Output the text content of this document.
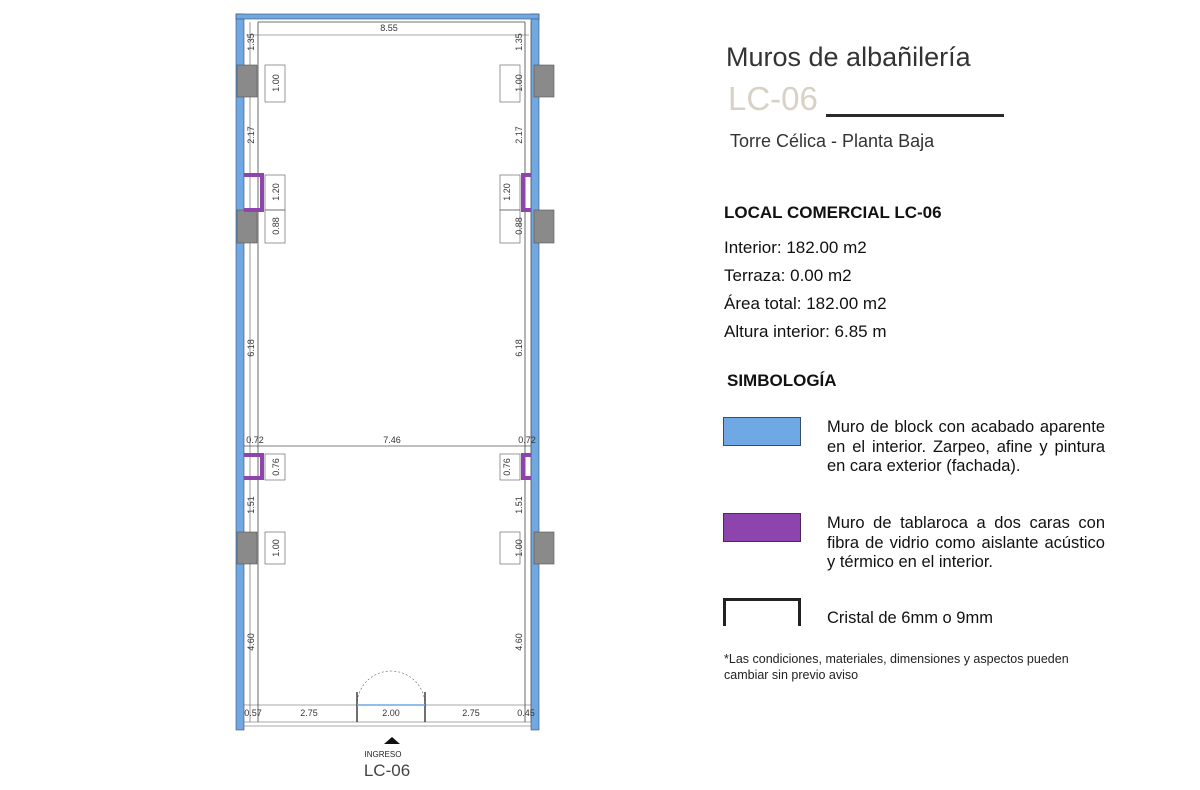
8.55
7.46
0.72	0.72
0.57	2.75	2.00	2.75	0.45
1.35
1.00
2.17
1.20
0.88
6.18
0.76
1.51
1.00
4.60
1.35
1.00
2.17
1.20
0.88
6.18
0.76
1.51
1.00
4.60
INGRESO
LC-06
Muros de albañilería
LC-06
Torre Célica - Planta Baja
LOCAL COMERCIAL LC-06
Interior: 182.00 m2
Terraza: 0.00 m2
Área total: 182.00 m2
Altura interior: 6.85 m
SIMBOLOGÍA

Muro de block con acabado aparente en el interior. Zarpeo, afine y pintura en cara exterior (fachada).

Muro de tablaroca a dos caras con fibra de vidrio como aislante acústico y térmico en el interior.

Cristal de 6mm o 9mm

*Las condiciones, materiales, dimensiones y aspectos pueden cambiar sin previo aviso
